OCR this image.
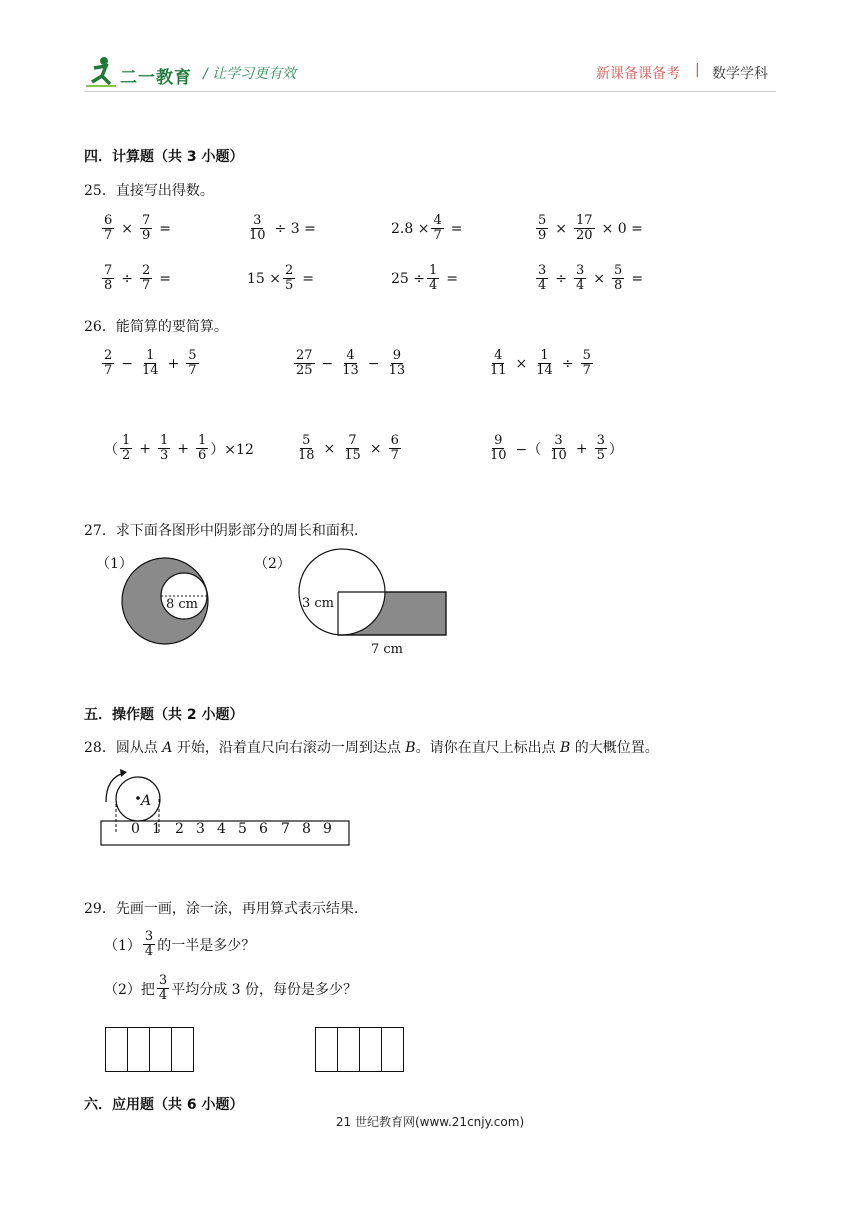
二一教育 / 让学习更有效	新课备课备考 | 数学学科
四．计算题（共 3 小题）
25．直接写出得数。
$\frac{6}{7} \times \frac{7}{9}$ =	$\frac{3}{10} \div 3$ =	$2.8 \times \frac{4}{7}$ =	$\frac{5}{9} \times \frac{17}{20} \times 0$ =
$\frac{7}{8} \div \frac{2}{7}$ =	$15 \times \frac{2}{5}$ =	$25 \div \frac{1}{4}$ =	$\frac{3}{4} \div \frac{3}{4} \times \frac{5}{8}$ =
26．能简算的要简算。
$\frac{2}{7} - \frac{1}{14} + \frac{5}{7}$	$\frac{27}{25} - \frac{4}{13} - \frac{9}{13}$	$\frac{4}{11} \times \frac{1}{14} \div \frac{5}{7}$
（ $\frac{1}{2} + \frac{1}{3} + \frac{1}{6} )\times 12$	$\frac{5}{18} \times \frac{7}{15} \times \frac{6}{7}$	$\frac{9}{10}$ −（ $\frac{3}{10} + \frac{3}{5}$ ）
27．求下面各图形中阴影部分的周长和面积.
（1）
8 cm
（2）
3 cm
7 cm
五．操作题（共 2 小题）
28．圆从点 A 开始，沿着直尺向右滚动一周到达点 B。请你在直尺上标出点 B 的大概位置。
A
0 1 2 3 4 5 6 7 8 9
29．先画一画，涂一涂，再用算式表示结果.
$(1) \frac{3}{4}$ 的一半是多少？
（2）把 $\frac{3}{4}$ 平均分成 3 份，每份是多少？
六．应用题（共 6 小题）
21 世纪教育网(www.21cnjy.com)
